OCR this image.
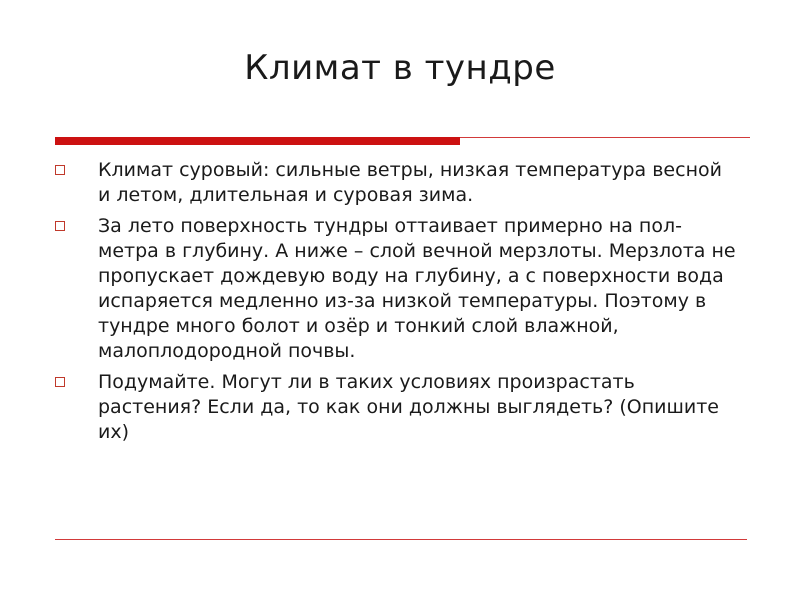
Климат в тундре
Климат суровый: сильные ветры, низкая температура весной и летом, длительная и суровая зима.
За лето поверхность тундры оттаивает примерно на пол- метра в глубину. А ниже – слой вечной мерзлоты. Мерзлота не пропускает дождевую воду на глубину, а с поверхности вода испаряется медленно из-за низкой температуры. Поэтому в тундре много болот и озёр и тонкий слой влажной, малоплодородной почвы.
Подумайте. Могут ли в таких условиях произрастать растения? Если да, то как они должны выглядеть? (Опишите их)
